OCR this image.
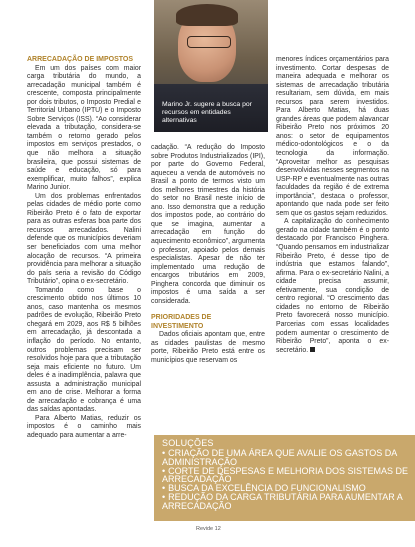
Marino Jr. sugere a busca por recursos em entidades alternativas
ARRECADAÇÃO DE IMPOSTOS

Em um dos países com maior carga tributária do mundo, a arrecadação municipal também é crescente, composta principalmente por dois tributos, o Imposto Predial e Territorial Urbano (IPTU) e o Imposto Sobre Serviços (ISS). “Ao considerar elevada a tributação, considera-se também o retorno gerado pelos impostos em serviços prestados, o que não melhora a situação brasileira, que possui sistemas de saúde e educação, só para exemplificar, muito falhos”, explica Marino Junior.

Um dos problemas enfrentados pelas cidades de médio porte como Ribeirão Preto é o fato de exportar para as outras esferas boa parte dos recursos arrecadados. Nalini defende que os municípios deveriam ser beneficiados com uma melhor alocação de recursos. “A primeira providência para melhorar a situação do país seria a revisão do Código Tributário”, opina o ex-secretário.

Tomando como base o crescimento obtido nos últimos 10 anos, caso mantenha os mesmos padrões de evolução, Ribeirão Preto chegará em 2029, aos R$ 5 bilhões em arrecadação, já descontada a inflação do período. No entanto, outros problemas precisam ser resolvidos hoje para que a tributação seja mais eficiente no futuro. Um deles é a inadimplência, palavra que assusta a administração municipal em ano de crise. Melhorar a forma de arrecadação e cobrança é uma das saídas apontadas.

Para Alberto Matias, reduzir os impostos é o caminho mais adequado para aumentar a arre-

cadação. “A redução do Imposto sobre Produtos Industrializados (IPI), por parte do Governo Federal, aqueceu a venda de automóveis no Brasil a ponto de termos visto um dos melhores trimestres da história do setor no Brasil neste início de ano. Isso demonstra que a redução dos impostos pode, ao contrário do que se imagina, aumentar a arrecadação em função do aquecimento econômico”, argumenta o professor, apoiado pelos demais especialistas. Apesar de não ter implementado uma redução de encargos tributários em 2009, Pinghera concorda que diminuir os impostos é uma saída a ser considerada.

PRIORIDADES DE INVESTIMENTO

Dados oficiais apontam que, entre as cidades paulistas de mesmo porte, Ribeirão Preto está entre os municípios que reservam os

menores índices orçamentários para investimento. Cortar despesas de maneira adequada e melhorar os sistemas de arrecadação tributária resultariam, sem dúvida, em mais recursos para serem investidos. Para Alberto Matias, há duas grandes áreas que podem alavancar Ribeirão Preto nos próximos 20 anos: o setor de equipamentos médico-odontológicos e o da tecnologia da informação. “Aproveitar melhor as pesquisas desenvolvidas nesses segmentos na USP-RP e eventualmente nas outras faculdades da região é de extrema importância”, destaca o professor, apontando que nada pode ser feito sem que os gastos sejam reduzidos.

A capitalização do conhecimento gerado na cidade também é o ponto destacado por Francisco Pinghera. “Quando pensamos em industrializar Ribeirão Preto, é desse tipo de indústria que estamos falando”, afirma. Para o ex-secretário Nalini, a cidade precisa assumir, efetivamente, sua condição de centro regional. “O crescimento das cidades no entorno de Ribeirão Preto favorecerá nosso município. Parcerias com essas localidades podem aumentar o crescimento de Ribeirão Preto”, aponta o ex-secretário.

SOLUÇÕES
• CRIAÇÃO DE UMA ÁREA QUE AVALIE OS GASTOS DA ADMINISTRAÇÃO
• CORTE DE DESPESAS E MELHORIA DOS SISTEMAS DE ARRECADAÇÃO
• BUSCA DA EXCELÊNCIA DO FUNCIONALISMO
• REDUÇÃO DA CARGA TRIBUTÁRIA PARA AUMENTAR A ARRECADAÇÃO
Revide 12
